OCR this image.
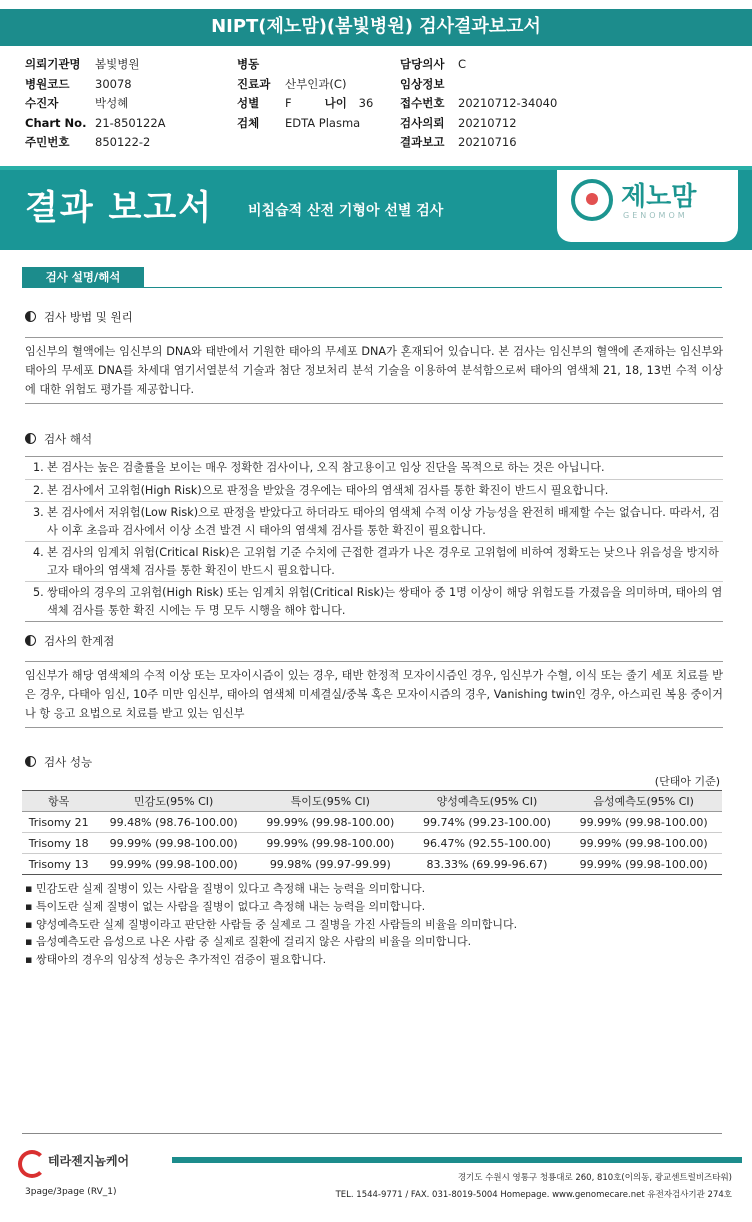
NIPT(제노맘)(봄빛병원) 검사결과보고서
의뢰기관명 봄빛병원
병원코드 30078
수진자	박성혜
Chart No. 21-850122A
주민번호 850122-2
병동
진료과 산부인과(C)
성별 F	나이 36
검체 EDTA Plasma
담당의사 C
임상정보
접수번호 20210712-34040
검사의뢰 20210712
결과보고 20210716
결과 보고서 비침습적 산전 기형아 선별 검사	제노맘
GENOMOM
검사 설명/해석
검사 방법 및 원리
임신부의 혈액에는 임신부의 DNA와 태반에서 기원한 태아의 무세포 DNA가 혼재되어 있습니다. 본 검사는 임신부의 혈액에 존재하는 임신부와 태아의 무세포 DNA를 차세대 염기서열분석 기술과 첨단 정보처리 분석 기술을 이용하여 분석함으로써 태아의 염색체 21, 18, 13번 수적 이상에 대한 위험도 평가를 제공합니다.
검사 해석
1. 본 검사는 높은 검출률을 보이는 매우 정확한 검사이나, 오직 참고용이고 임상 진단을 목적으로 하는 것은 아닙니다.
2. 본 검사에서 고위험(High Risk)으로 판정을 받았을 경우에는 태아의 염색체 검사를 통한 확진이 반드시 필요합니다.
3. 본 검사에서 저위험(Low Risk)으로 판정을 받았다고 하더라도 태아의 염색체 수적 이상 가능성을 완전히 배제할 수는 없습니다. 따라서, 검사 이후 초음파 검사에서 이상 소견 발견 시 태아의 염색체 검사를 통한 확진이 필요합니다.
4. 본 검사의 임계치 위험(Critical Risk)은 고위험 기준 수치에 근접한 결과가 나온 경우로 고위험에 비하여 정확도는 낮으나 위음성을 방지하고자 태아의 염색체 검사를 통한 확진이 반드시 필요합니다.
5. 쌍태아의 경우의 고위험(High Risk) 또는 임계치 위험(Critical Risk)는 쌍태아 중 1명 이상이 해당 위험도를 가졌음을 의미하며, 태아의 염색체 검사를 통한 확진 시에는 두 명 모두 시행을 해야 합니다.
검사의 한계점
임신부가 해당 염색체의 수적 이상 또는 모자이시즘이 있는 경우, 태반 한정적 모자이시즘인 경우, 임신부가 수혈, 이식 또는 줄기 세포 치료를 받은 경우, 다태아 임신, 10주 미만 임신부, 태아의 염색체 미세결실/중복 혹은 모자이시즘의 경우, Vanishing twin인 경우, 아스피린 복용 중이거나 항 응고 요법으로 치료를 받고 있는 임신부
검사 성능
(단태아 기준)
항목	민감도(95% CI)	특이도(95% CI)	양성예측도(95% CI)	음성예측도(95% CI)
Trisomy 21	99.48% (98.76-100.00)	99.99% (99.98-100.00)	99.74% (99.23-100.00)	99.99% (99.98-100.00)
Trisomy 18	99.99% (99.98-100.00)	99.99% (99.98-100.00)	96.47% (92.55-100.00)	99.99% (99.98-100.00)
Trisomy 13	99.99% (99.98-100.00)	99.98% (99.97-99.99)	83.33% (69.99-96.67)	99.99% (99.98-100.00)
▪ 민감도란 실제 질병이 있는 사람을 질병이 있다고 측정해 내는 능력을 의미합니다.
▪ 특이도란 실제 질병이 없는 사람을 질병이 없다고 측정해 내는 능력을 의미합니다.
▪ 양성예측도란 실제 질병이라고 판단한 사람들 중 실제로 그 질병을 가진 사람들의 비율을 의미합니다.
▪ 음성예측도란 음성으로 나온 사람 중 실제로 질환에 걸리지 않은 사람의 비율을 의미합니다.
▪ 쌍태아의 경우의 임상적 성능은 추가적인 검증이 필요합니다.
테라젠지놈케어
경기도 수원시 영통구 청룡대로 260, 810호(이의동, 광교센트럴비즈타워)
TEL. 1544-9771 / FAX. 031-8019-5004 Homepage. www.genomecare.net 유전자검사기관 274호
3page/3page (RV_1)
